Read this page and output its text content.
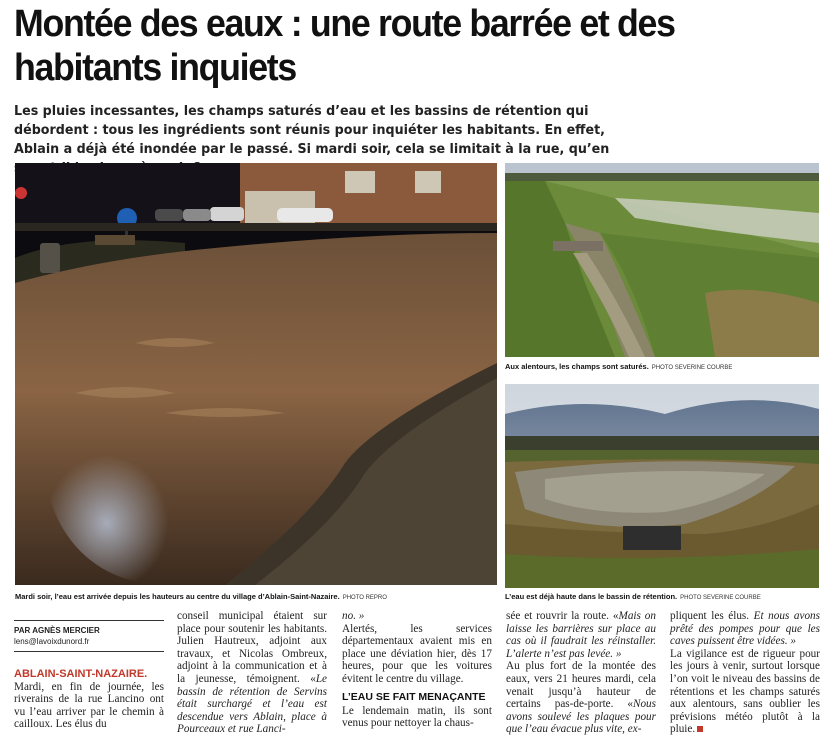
Montée des eaux : une route barrée et des habitants inquiets

Les pluies incessantes, les champs saturés d’eau et les bassins de rétention qui débordent : tous les ingrédients sont réunis pour inquiéter les habitants. En effet, Ablain a déjà été inondée par le passé. Si mardi soir, cela se limitait à la rue, qu’en

Mardi soir, l’eau est arrivée depuis les hauteurs au centre du village d’Ablain-Saint-Nazaire. PHOTO REPRO
Aux alentours, les champs sont saturés. PHOTO SEVERINE COURBE
L’eau est déjà haute dans le bassin de rétention. PHOTO SEVERINE COURBE
PAR AGNÈS MERCIER
lens@lavoixdunord.fr

ABLAIN-SAINT-NAZAIRE.
Mardi, en fin de journée, les riverains de la rue Lancino ont vu l’eau arriver par le chemin à cailloux. Les élus du

conseil municipal étaient sur place pour soutenir les habitants. Julien Hautreux, adjoint aux travaux, et Nicolas Ombreux, adjoint à la communication et à la jeunesse, témoignent. «Le bassin de rétention de Servins était surchargé et l’eau est descendue vers Ablain, place à Pourceaux et rue Lanci-

no. »
Alertés, les services départementaux avaient mis en place une déviation hier, dès 17 heures, pour que les voitures évitent le centre du village.

L’EAU SE FAIT MENAÇANTE

Le lendemain matin, ils sont venus pour nettoyer la chaus-

sée et rouvrir la route. «Mais on laisse les barrières sur place au cas où il faudrait les réinstaller. L’alerte n’est pas levée. »

Au plus fort de la montée des eaux, vers 21 heures mardi, cela venait jusqu’à hauteur de certains pas-de-porte. «Nous avons soulevé les plaques pour que l’eau évacue plus vite, ex-

pliquent les élus. Et nous avons prêté des pompes pour que les caves puissent être vidées. »

La vigilance est de rigueur pour les jours à venir, surtout lorsque l’on voit le niveau des bassins de rétentions et les champs saturés aux alentours, sans oublier les prévisions météo plutôt à la pluie.
